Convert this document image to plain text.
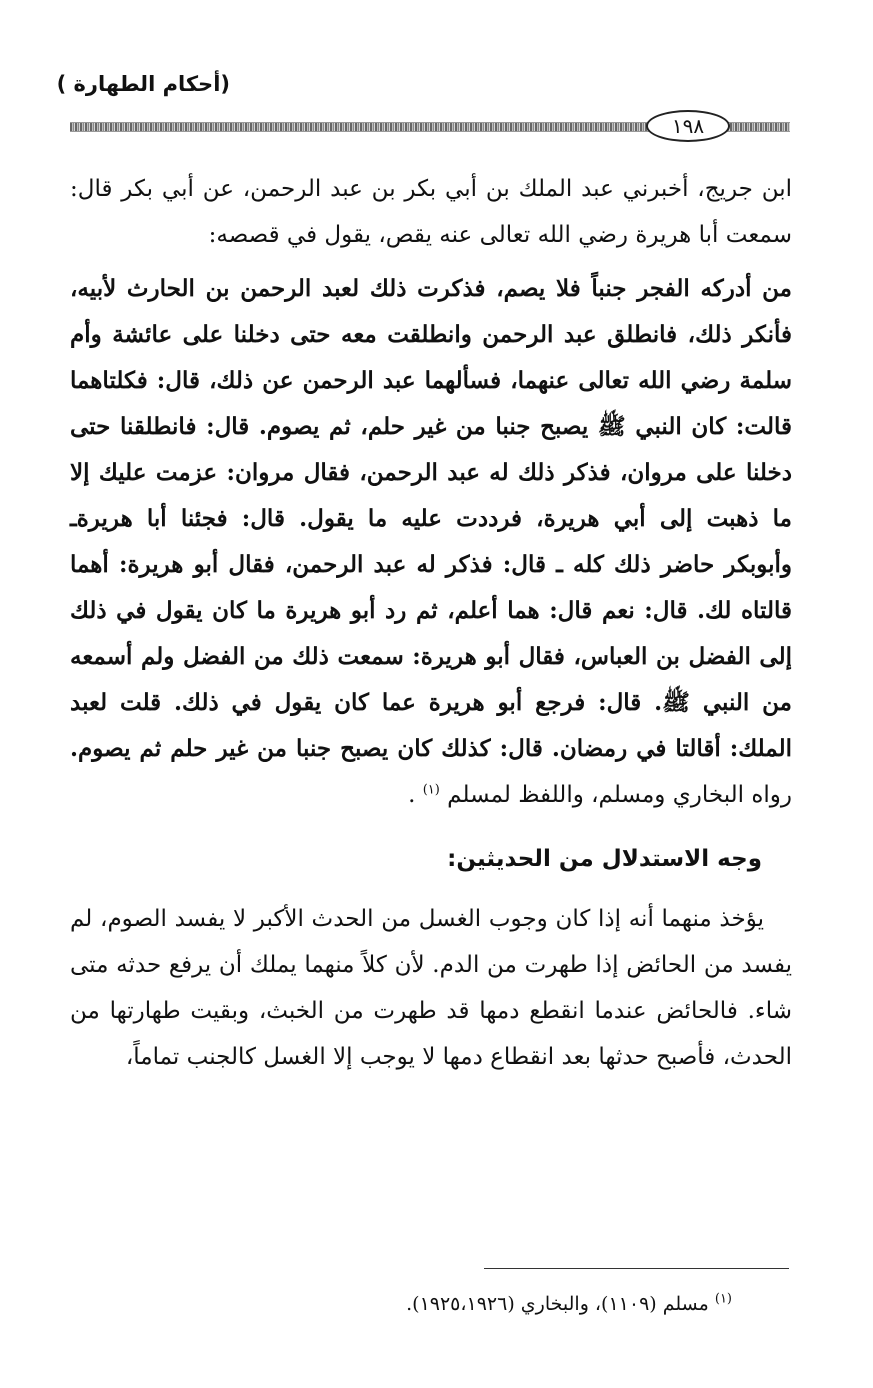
(أحكام الطهارة )
١٩٨

ابن جريج، أخبرني عبد الملك بن أبي بكر بن عبد الرحمن، عن أبي بكر قال: سمعت أبا هريرة رضي الله تعالى عنه يقص، يقول في قصصه:

من أدركه الفجر جنباً فلا يصم، فذكرت ذلك لعبد الرحمن بن الحارث لأبيه، فأنكر ذلك، فانطلق عبد الرحمن وانطلقت معه حتى دخلنا على عائشة وأم سلمة رضي الله تعالى عنهما، فسألهما عبد الرحمن عن ذلك، قال: فكلتاهما قالت: كان النبي ﷺ يصبح جنبا من غير حلم، ثم يصوم. قال: فانطلقنا حتى دخلنا على مروان، فذكر ذلك له عبد الرحمن، فقال مروان: عزمت عليك إلا ما ذهبت إلى أبي هريرة، فرددت عليه ما يقول. قال: فجئنا أبا هريرةـ وأبوبكر حاضر ذلك كله ـ قال: فذكر له عبد الرحمن، فقال أبو هريرة: أهما قالتاه لك. قال: نعم قال: هما أعلم، ثم رد أبو هريرة ما كان يقول في ذلك إلى الفضل بن العباس، فقال أبو هريرة: سمعت ذلك من الفضل ولم أسمعه من النبي ﷺ. قال: فرجع أبو هريرة عما كان يقول في ذلك. قلت لعبد الملك: أقالتا في رمضان. قال: كذلك كان يصبح جنبا من غير حلم ثم يصوم. رواه البخاري ومسلم، واللفظ لمسلم $^{(١)}$ .

وجه الاستدلال من الحديثين:

يؤخذ منهما أنه إذا كان وجوب الغسل من الحدث الأكبر لا يفسد الصوم، لم يفسد من الحائض إذا طهرت من الدم. لأن كلاً منهما يملك أن يرفع حدثه متى شاء. فالحائض عندما انقطع دمها قد طهرت من الخبث، وبقيت طهارتها من الحدث، فأصبح حدثها بعد انقطاع دمها لا يوجب إلا الغسل كالجنب تماماً،

$^{(١)}$ مسلم (١١٠٩)، والبخاري (١٩٢٥،١٩٢٦).
